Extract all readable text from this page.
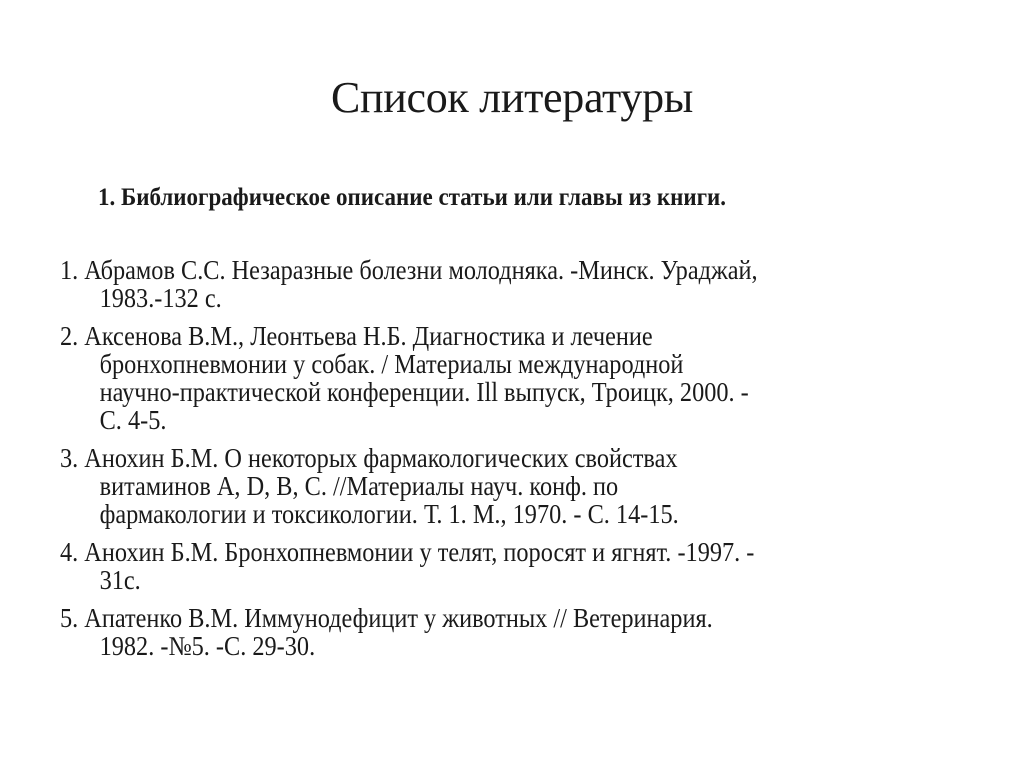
Список литературы

1. Библиографическое описание статьи или главы из книги.

1. Абрамов С.С. Незаразные болезни молодняка. -Минск. Ураджай,
1983.-132 с.
2. Аксенова В.М., Леонтьева Н.Б. Диагностика и лечение
бронхопневмонии у собак. / Материалы международной
научно-практической конференции. Ill выпуск, Троицк, 2000. -
С. 4-5.
3. Анохин Б.М. О некоторых фармакологических свойствах
витаминов A, D, B, C. //Материалы науч. конф. по
фармакологии и токсикологии. Т. 1. М., 1970. - С. 14-15.
4. Анохин Б.М. Бронхопневмонии у телят, поросят и ягнят. -1997. -
31с.
5. Апатенко В.М. Иммунодефицит у животных // Ветеринария.
1982. -№5. -С. 29-30.
